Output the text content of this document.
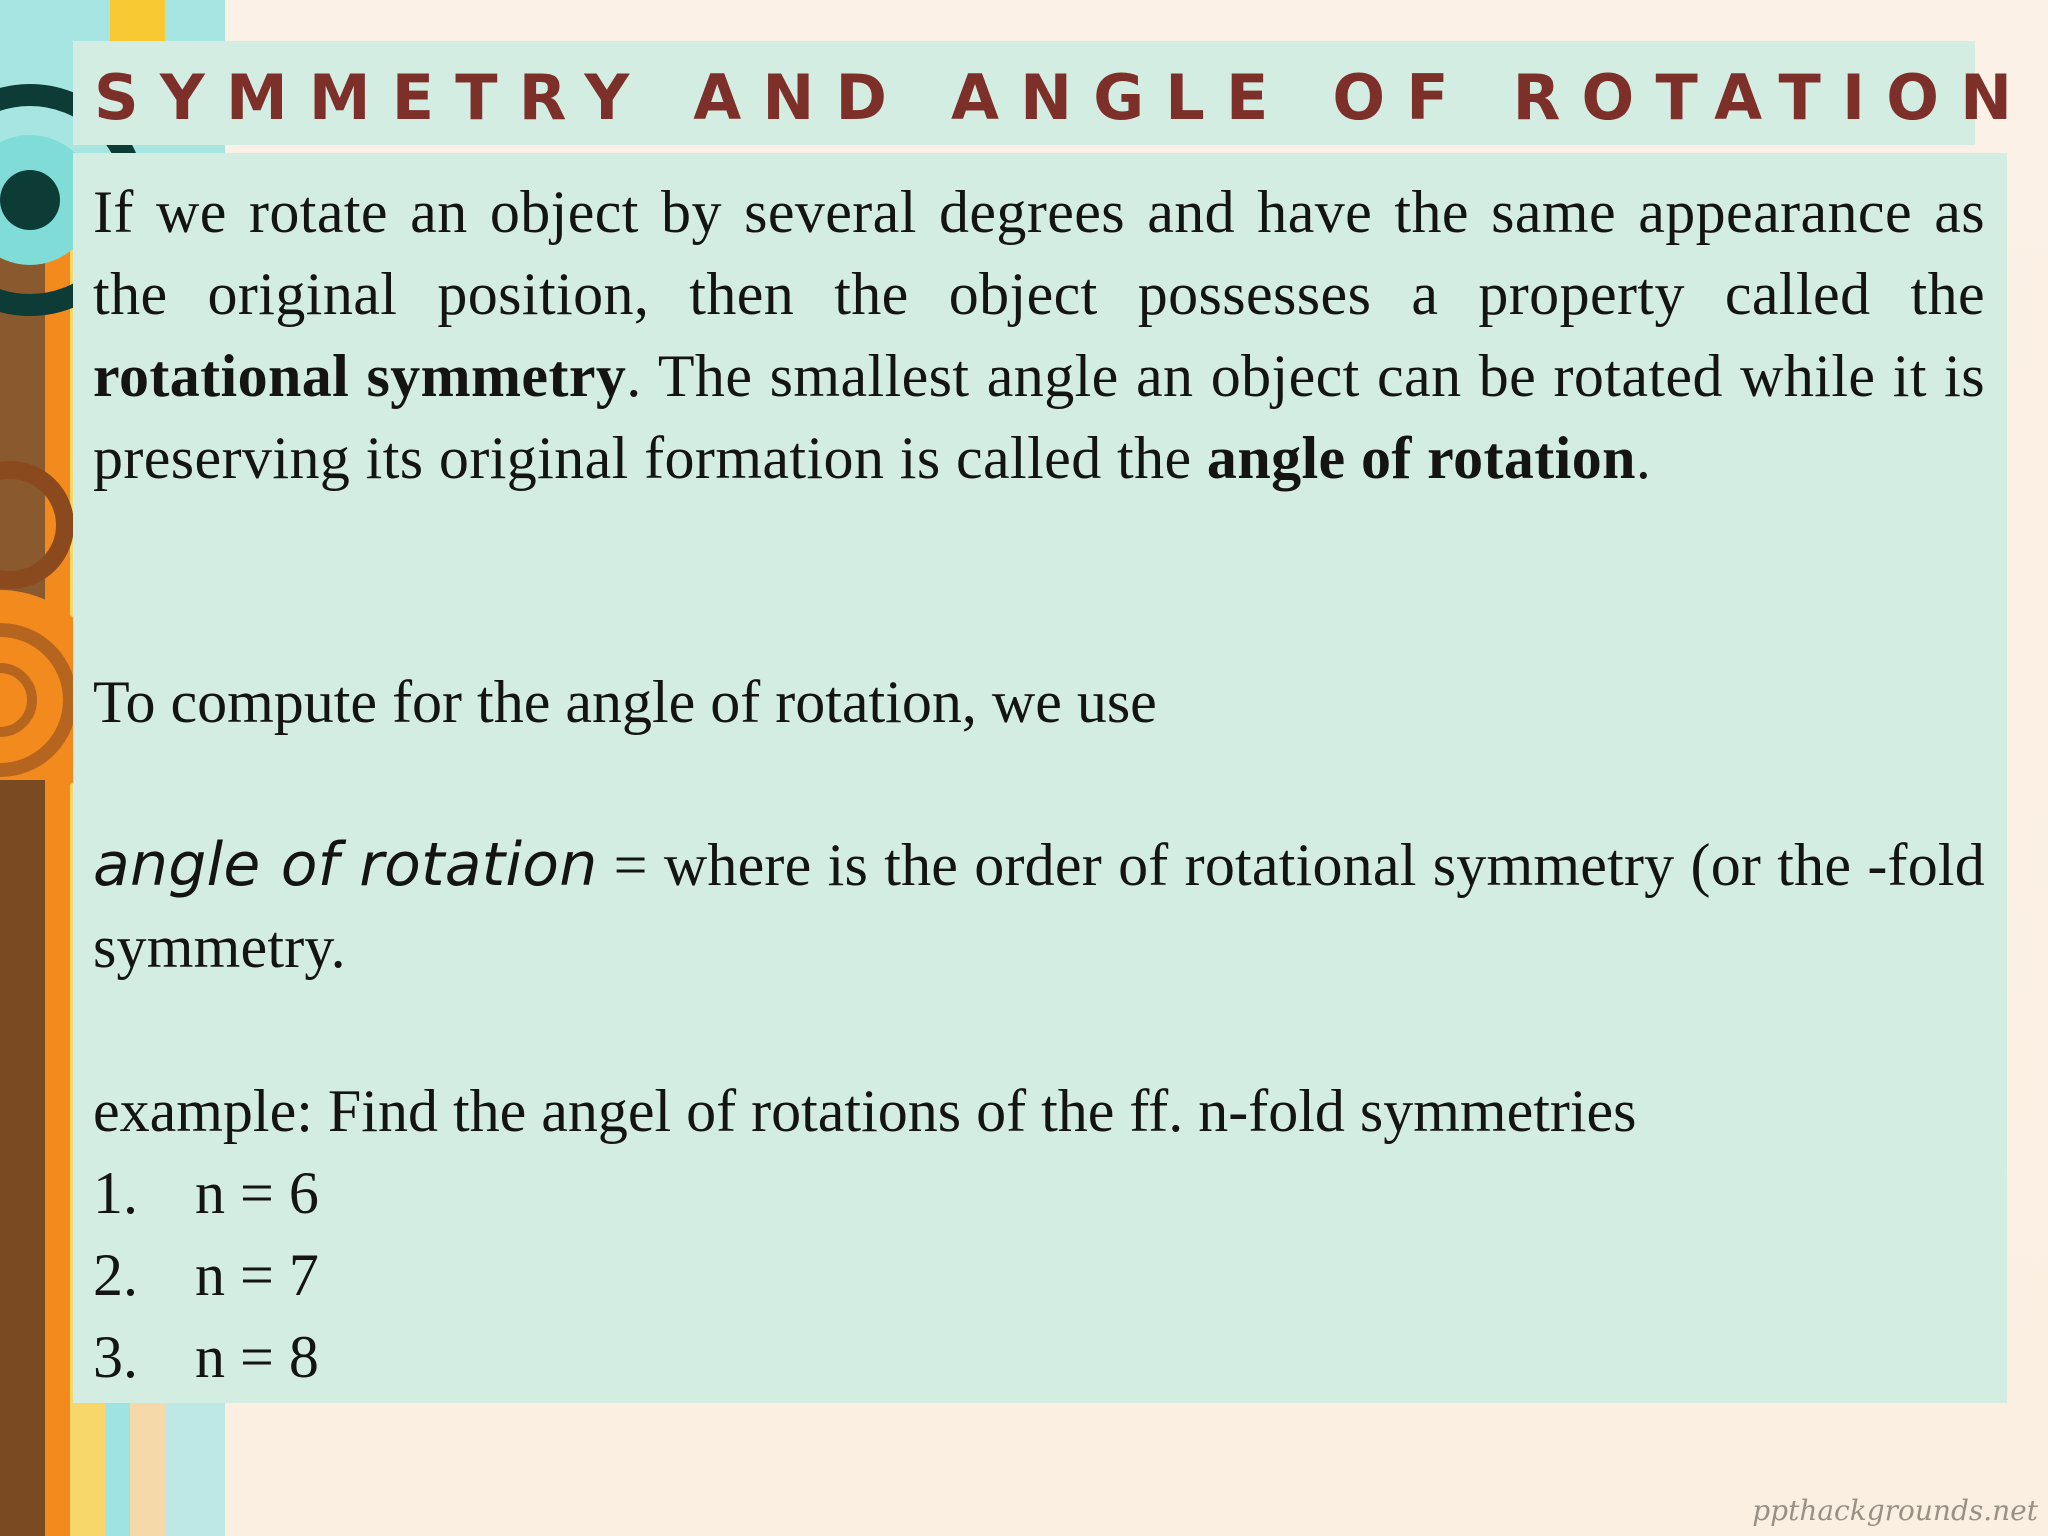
SYMMETRY AND ANGLE OF ROTATION

If we rotate an object by several degrees and have the same appearance as the original position, then the object possesses a property called the rotational symmetry. The smallest angle an object can be rotated while it is preserving its original formation is called the angle of rotation.

To compute for the angle of rotation, we use

angle of rotation = where is the order of rotational symmetry (or the -fold symmetry.

example: Find the angel of rotations of the ff. n-fold symmetries

1. n = 6
2. n = 7
3. n = 8
ppthackgrounds.net
